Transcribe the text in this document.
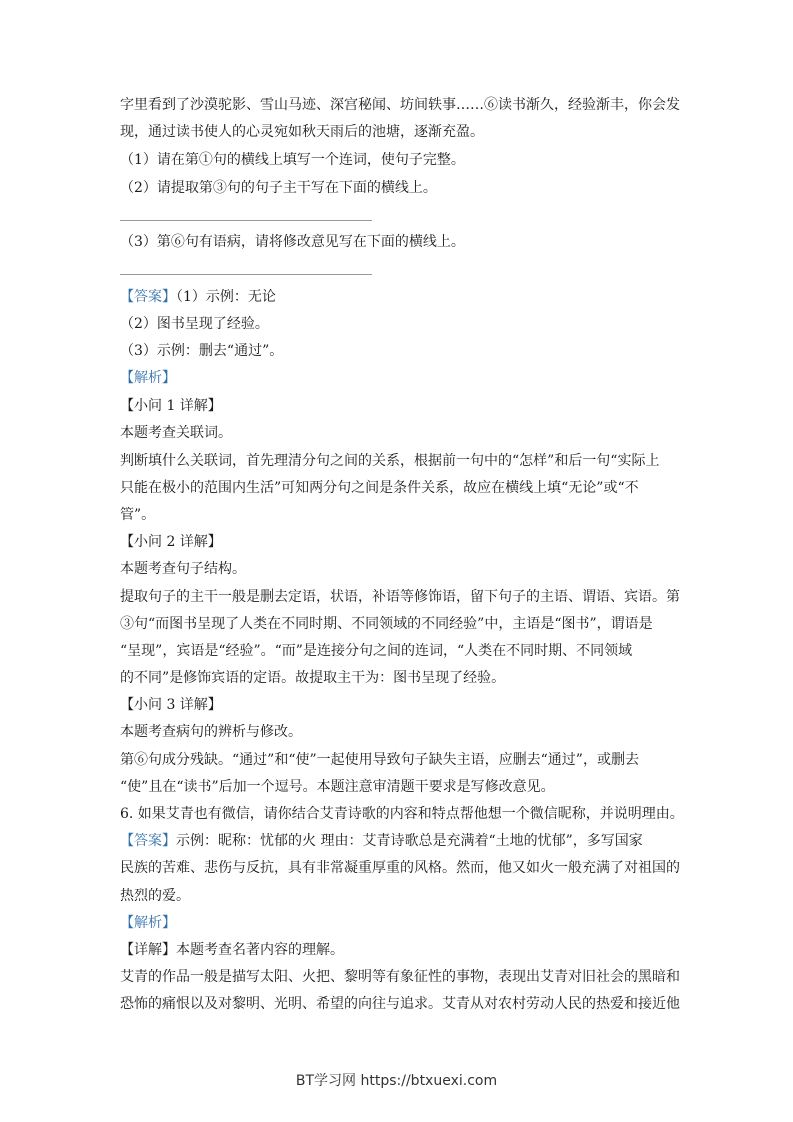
字里看到了沙漠驼影、雪山马迹、深宫秘闻、坊间轶事……⑥读书渐久，经验渐丰，你会发
现，通过读书使人的心灵宛如秋天雨后的池塘，逐渐充盈。
（1）请在第①句的横线上填写一个连词，使句子完整。
（2）请提取第③句的句子主干写在下面的横线上。
（3）第⑥句有语病，请将修改意见写在下面的横线上。
【答案】（1）示例：无论
（2）图书呈现了经验。
（3）示例：删去“通过”。
【解析】
【小问 1 详解】
本题考查关联词。
判断填什么关联词，首先理清分句之间的关系，根据前一句中的“怎样”和后一句“实际上
只能在极小的范围内生活”可知两分句之间是条件关系，故应在横线上填“无论”或“不
管”。
【小问 2 详解】
本题考查句子结构。
提取句子的主干一般是删去定语，状语，补语等修饰语，留下句子的主语、谓语、宾语。第
③句“而图书呈现了人类在不同时期、不同领域的不同经验”中，主语是“图书”，谓语是
“呈现”，宾语是“经验”。“而”是连接分句之间的连词，“人类在不同时期、不同领域
的不同”是修饰宾语的定语。故提取主干为：图书呈现了经验。
【小问 3 详解】
本题考查病句的辨析与修改。
第⑥句成分残缺。“通过”和“使”一起使用导致句子缺失主语，应删去“通过”，或删去
“使”且在“读书”后加一个逗号。本题注意审清题干要求是写修改意见。
6. 如果艾青也有微信，请你结合艾青诗歌的内容和特点帮他想一个微信昵称，并说明理由。
【答案】示例：昵称：忧郁的火 理由：艾青诗歌总是充满着“土地的忧郁”，多写国家
民族的苦难、悲伤与反抗，具有非常凝重厚重的风格。然而，他又如火一般充满了对祖国的
热烈的爱。
【解析】
【详解】本题考查名著内容的理解。
艾青的作品一般是描写太阳、火把、黎明等有象征性的事物，表现出艾青对旧社会的黑暗和
恐怖的痛恨以及对黎明、光明、希望的向往与追求。艾青从对农村劳动人民的热爱和接近他
BT学习网 https://btxuexi.com
